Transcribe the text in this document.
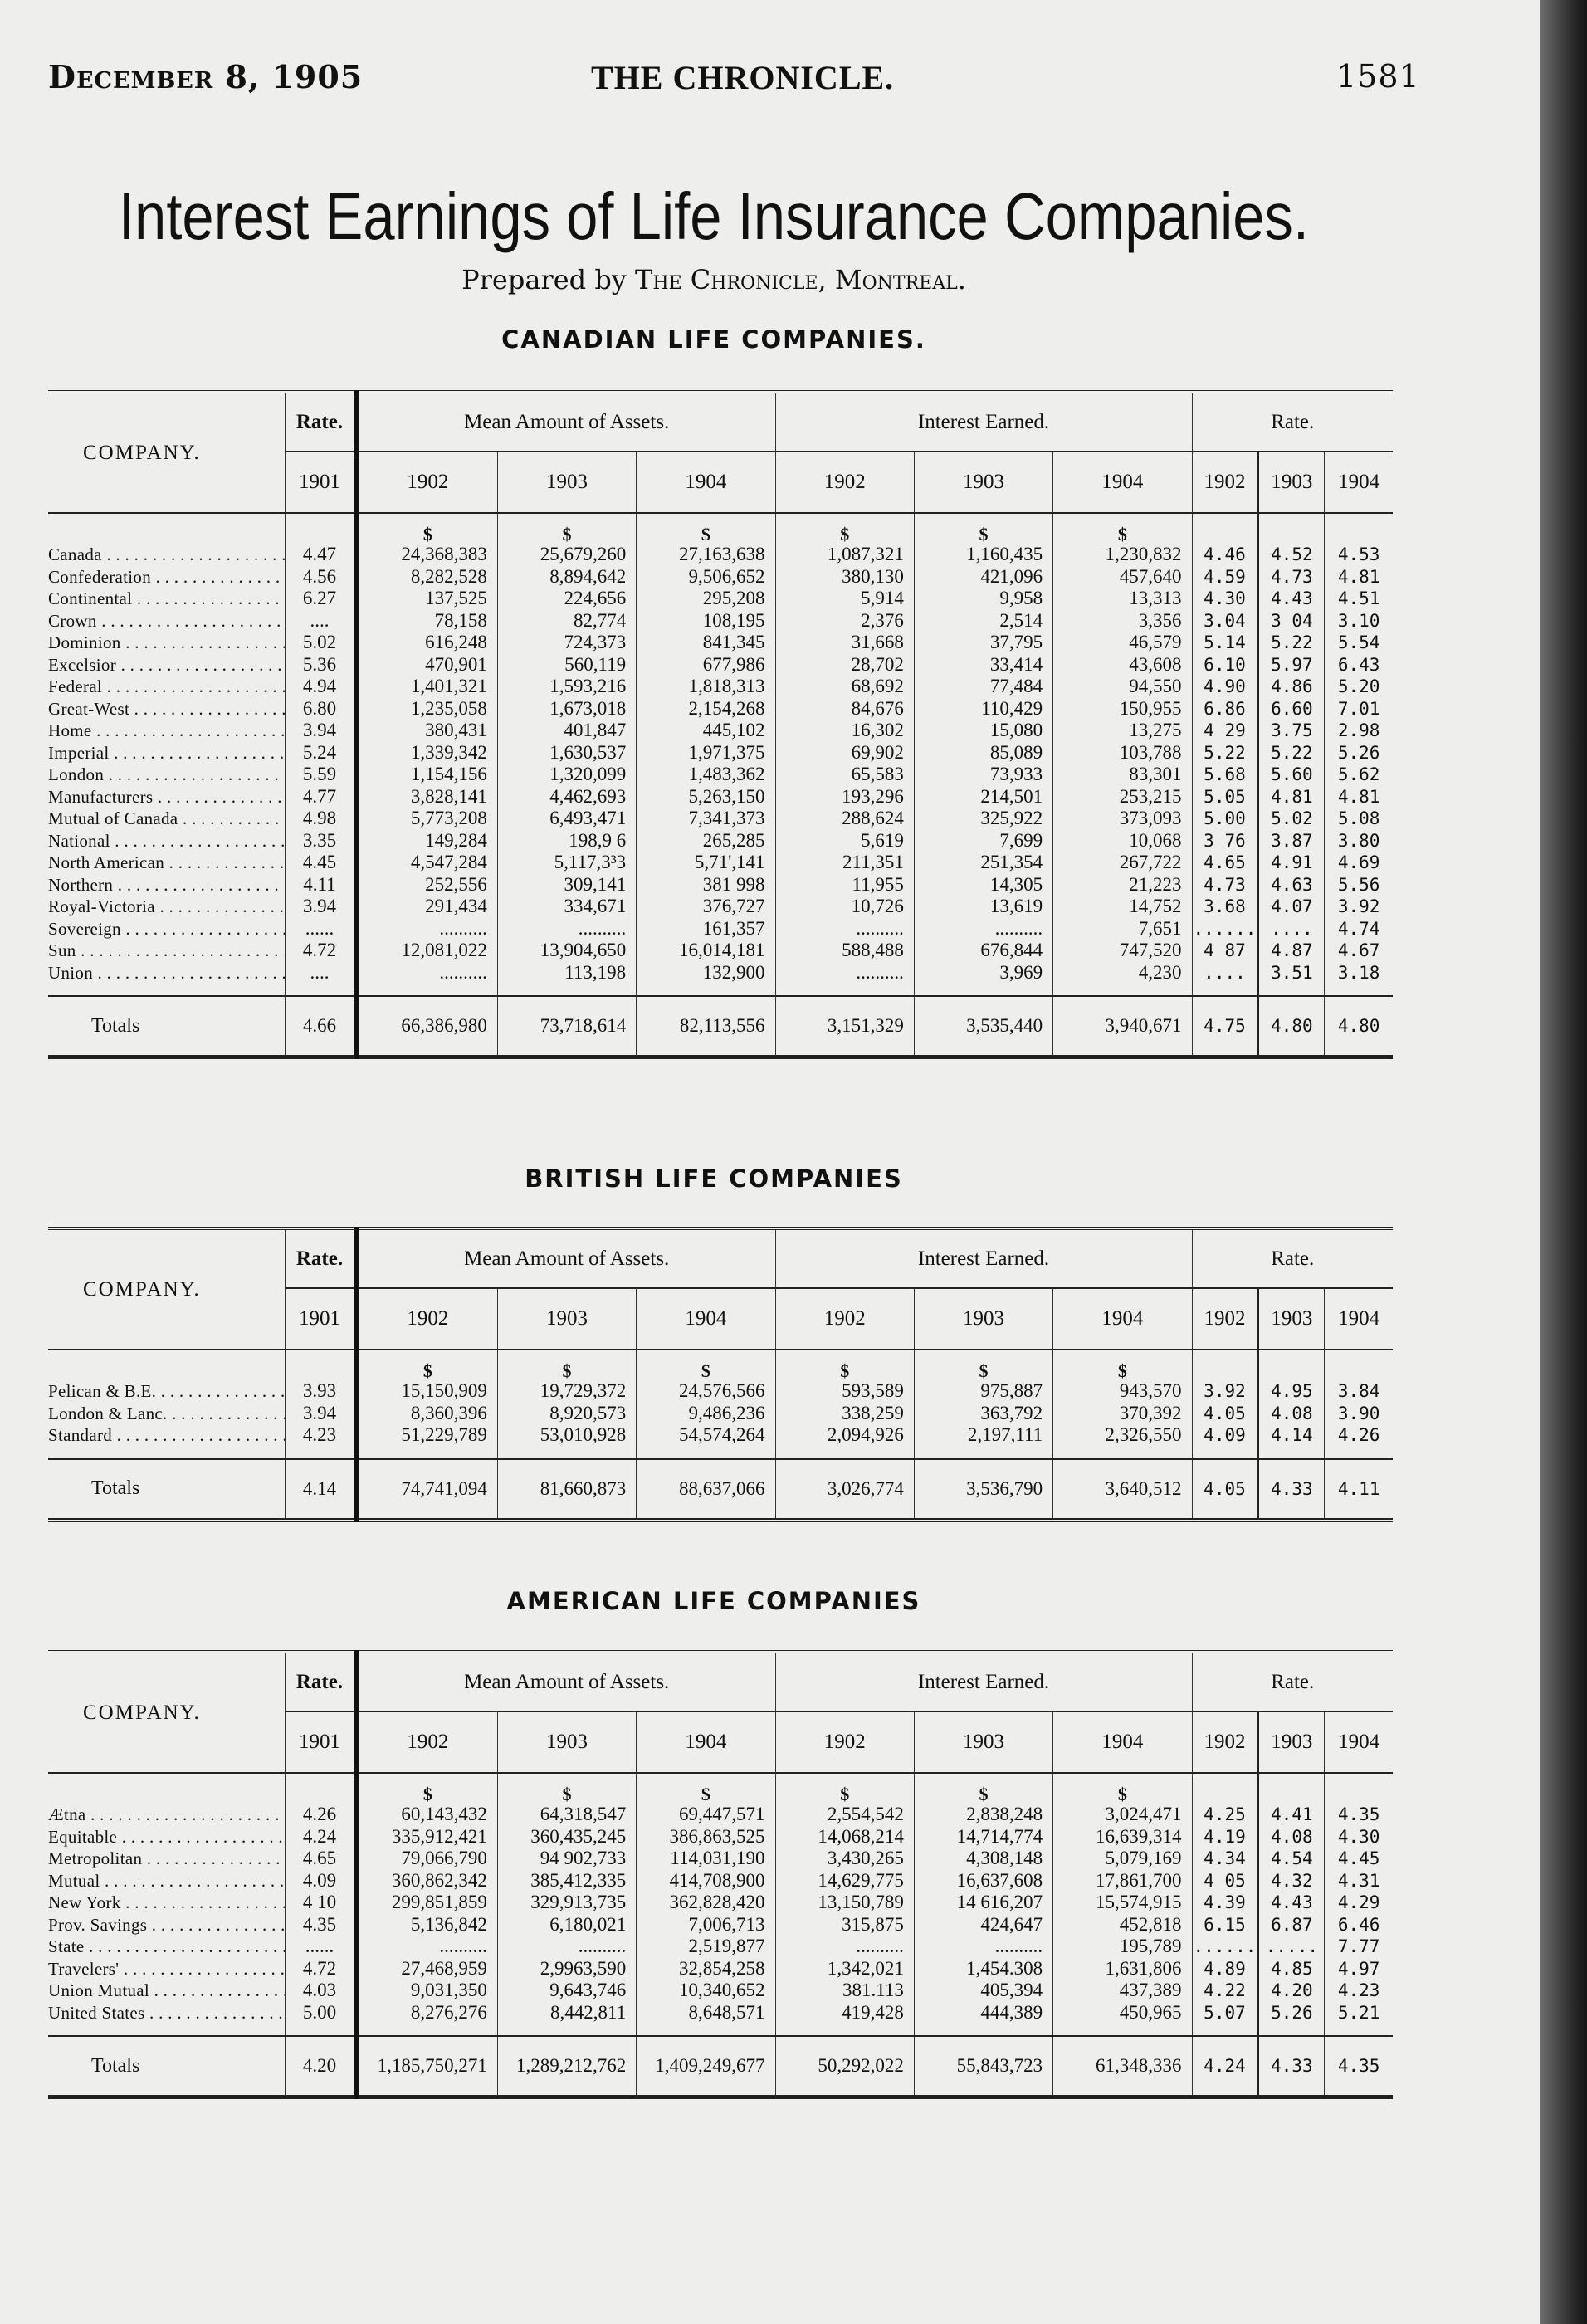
December 8, 1905	THE CHRONICLE.	1581
Interest Earnings of Life Insurance Companies.
Prepared by The Chronicle, Montreal.
CANADIAN LIFE COMPANIES.
COMPANY.	Rate.	Mean Amount of Assets.			Interest Earned.			Rate.		
	1901	1902	1903	1904	1902	1903	1904	1902	1903	1904

		$	$	$	$	$	$			
Canada . . .	4.47	24,368,383	25,679,260	27,163,638	1,087,321	1,160,435	1,230,832	4.46	4.52	4.53
Confederation . . .	4.56	8,282,528	8,894,642	9,506,652	380,130	421,096	457,640	4.59	4.73	4.81
Continental . . .	6.27	137,525	224,656	295,208	5,914	9,958	13,313	4.30	4.43	4.51
Crown . . .	....	78,158	82,774	108,195	2,376	2,514	3,356	3.04	3 04	3.10
Dominion . . .	5.02	616,248	724,373	841,345	31,668	37,795	46,579	5.14	5.22	5.54
Excelsior . . .	5.36	470,901	560,119	677,986	28,702	33,414	43,608	6.10	5.97	6.43
Federal . . .	4.94	1,401,321	1,593,216	1,818,313	68,692	77,484	94,550	4.90	4.86	5.20
Great-West . . .	6.80	1,235,058	1,673,018	2,154,268	84,676	110,429	150,955	6.86	6.60	7.01
Home . . .	3.94	380,431	401,847	445,102	16,302	15,080	13,275	4 29	3.75	2.98
Imperial . . .	5.24	1,339,342	1,630,537	1,971,375	69,902	85,089	103,788	5.22	5.22	5.26
London . . .	5.59	1,154,156	1,320,099	1,483,362	65,583	73,933	83,301	5.68	5.60	5.62
Manufacturers . . .	4.77	3,828,141	4,462,693	5,263,150	193,296	214,501	253,215	5.05	4.81	4.81
Mutual of Canada . . .	4.98	5,773,208	6,493,471	7,341,373	288,624	325,922	373,093	5.00	5.02	5.08
National . . .	3.35	149,284	198,9 6	265,285	5,619	7,699	10,068	3 76	3.87	3.80
North American . . .	4.45	4,547,284	5,117,3³3	5,71',141	211,351	251,354	267,722	4.65	4.91	4.69
Northern . . .	4.11	252,556	309,141	381 998	11,955	14,305	21,223	4.73	4.63	5.56
Royal-Victoria . . .	3.94	291,434	334,671	376,727	10,726	13,619	14,752	3.68	4.07	3.92
Sovereign . . .	......	..........	..........	161,357	..........	..........	7,651	......	....	4.74
Sun . . .	4.72	12,081,022	13,904,650	16,014,181	588,488	676,844	747,520	4 87	4.87	4.67
Union . . .	....	..........	113,198	132,900	..........	3,969	4,230	....	3.51	3.18

Totals	4.66	66,386,980	73,718,614	82,113,556	3,151,329	3,535,440	3,940,671	4.75	4.80	4.80
BRITISH LIFE COMPANIES
COMPANY.	Rate.	Mean Amount of Assets.			Interest Earned.			Rate.		
	1901	1902	1903	1904	1902	1903	1904	1902	1903	1904

		$	$	$	$	$	$			
Pelican & B.E. . . .	3.93	15,150,909	19,729,372	24,576,566	593,589	975,887	943,570	3.92	4.95	3.84
London & Lanc. . . .	3.94	8,360,396	8,920,573	9,486,236	338,259	363,792	370,392	4.05	4.08	3.90
Standard . . .	4.23	51,229,789	53,010,928	54,574,264	2,094,926	2,197,111	2,326,550	4.09	4.14	4.26

Totals	4.14	74,741,094	81,660,873	88,637,066	3,026,774	3,536,790	3,640,512	4.05	4.33	4.11
AMERICAN LIFE COMPANIES
COMPANY.	Rate.	Mean Amount of Assets.			Interest Earned.			Rate.		
	1901	1902	1903	1904	1902	1903	1904	1902	1903	1904

		$	$	$	$	$	$			
Ætna . . .	4.26	60,143,432	64,318,547	69,447,571	2,554,542	2,838,248	3,024,471	4.25	4.41	4.35
Equitable . . .	4.24	335,912,421	360,435,245	386,863,525	14,068,214	14,714,774	16,639,314	4.19	4.08	4.30
Metropolitan . . .	4.65	79,066,790	94 902,733	114,031,190	3,430,265	4,308,148	5,079,169	4.34	4.54	4.45
Mutual . . .	4.09	360,862,342	385,412,335	414,708,900	14,629,775	16,637,608	17,861,700	4 05	4.32	4.31
New York . . .	4 10	299,851,859	329,913,735	362,828,420	13,150,789	14 616,207	15,574,915	4.39	4.43	4.29
Prov. Savings . . .	4.35	5,136,842	6,180,021	7,006,713	315,875	424,647	452,818	6.15	6.87	6.46
State . . .	......	..........	..........	2,519,877	..........	..........	195,789	......	.....	7.77
Travelers' . . .	4.72	27,468,959	2,9963,590	32,854,258	1,342,021	1,454.308	1,631,806	4.89	4.85	4.97
Union Mutual . . .	4.03	9,031,350	9,643,746	10,340,652	381.113	405,394	437,389	4.22	4.20	4.23
United States . . .	5.00	8,276,276	8,442,811	8,648,571	419,428	444,389	450,965	5.07	5.26	5.21

Totals	4.20	1,185,750,271	1,289,212,762	1,409,249,677	50,292,022	55,843,723	61,348,336	4.24	4.33	4.35
